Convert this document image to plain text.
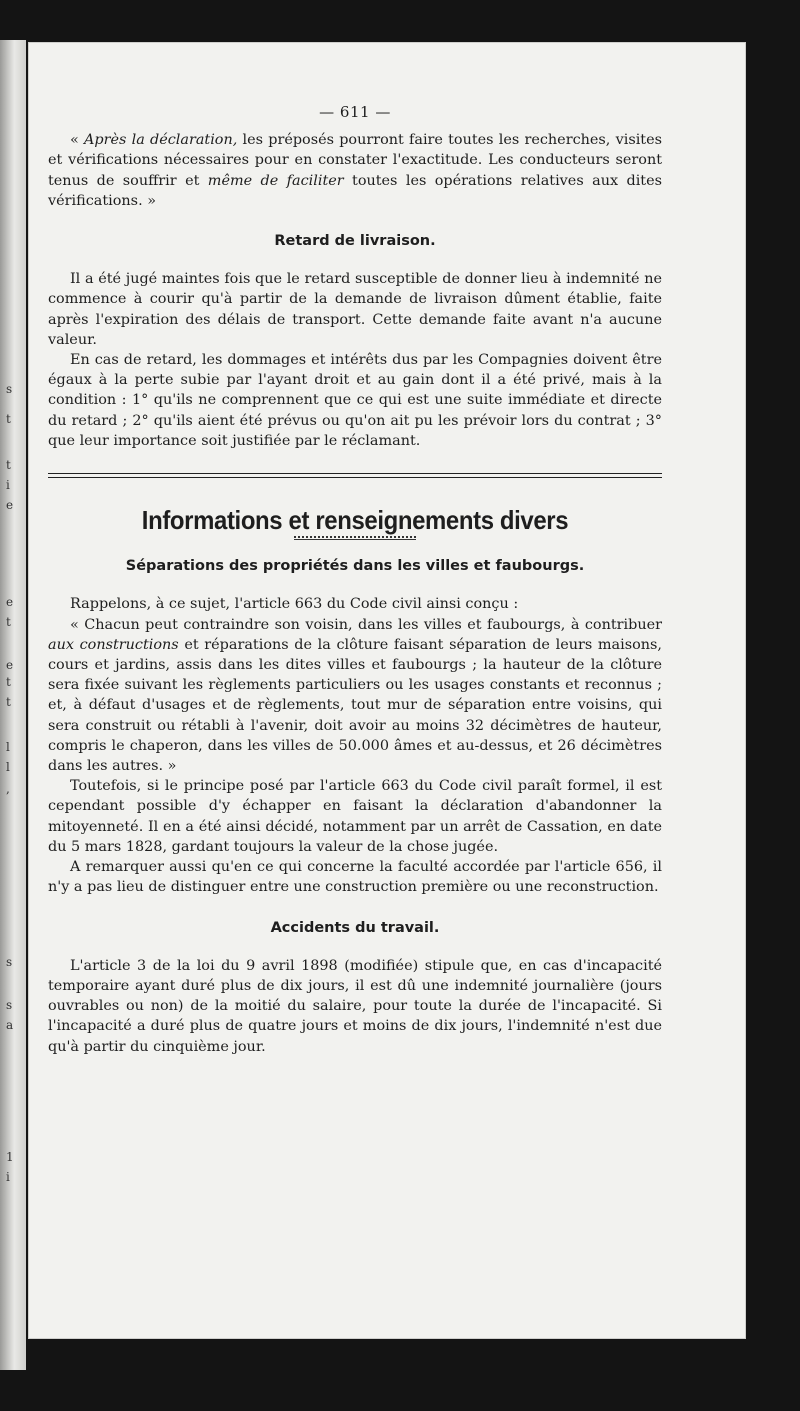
s
t
t
i
e
e
t
e
t
t
l
l
,
s
s
a
1
i
— 611 —

« Après la déclaration, les préposés pourront faire toutes les recherches, visites et vérifications nécessaires pour en constater l'exactitude. Les conducteurs seront tenus de souffrir et même de faciliter toutes les opérations relatives aux dites vérifications. »

Retard de livraison.

Il a été jugé maintes fois que le retard susceptible de donner lieu à indemnité ne commence à courir qu'à partir de la demande de livraison dûment établie, faite après l'expiration des délais de transport. Cette demande faite avant n'a aucune valeur.

En cas de retard, les dommages et intérêts dus par les Compagnies doivent être égaux à la perte subie par l'ayant droit et au gain dont il a été privé, mais à la condition : 1° qu'ils ne comprennent que ce qui est une suite immédiate et directe du retard ; 2° qu'ils aient été prévus ou qu'on ait pu les prévoir lors du contrat ; 3° que leur importance soit justifiée par le réclamant.

Informations et renseignements divers
Séparations des propriétés dans les villes et faubourgs.

Rappelons, à ce sujet, l'article 663 du Code civil ainsi conçu :

« Chacun peut contraindre son voisin, dans les villes et faubourgs, à contribuer aux constructions et réparations de la clôture faisant séparation de leurs maisons, cours et jardins, assis dans les dites villes et faubourgs ; la hauteur de la clôture sera fixée suivant les règlements particuliers ou les usages constants et reconnus ; et, à défaut d'usages et de règlements, tout mur de séparation entre voisins, qui sera construit ou rétabli à l'avenir, doit avoir au moins 32 décimètres de hauteur, compris le chaperon, dans les villes de 50.000 âmes et au-dessus, et 26 décimètres dans les autres. »

Toutefois, si le principe posé par l'article 663 du Code civil paraît formel, il est cependant possible d'y échapper en faisant la déclaration d'abandonner la mitoyenneté. Il en a été ainsi décidé, notamment par un arrêt de Cassation, en date du 5 mars 1828, gardant toujours la valeur de la chose jugée.

A remarquer aussi qu'en ce qui concerne la faculté accordée par l'article 656, il n'y a pas lieu de distinguer entre une construction première ou une reconstruction.

Accidents du travail.

L'article 3 de la loi du 9 avril 1898 (modifiée) stipule que, en cas d'incapacité temporaire ayant duré plus de dix jours, il est dû une indemnité journalière (jours ouvrables ou non) de la moitié du salaire, pour toute la durée de l'incapacité. Si l'incapacité a duré plus de quatre jours et moins de dix jours, l'indemnité n'est due qu'à partir du cinquième jour.
